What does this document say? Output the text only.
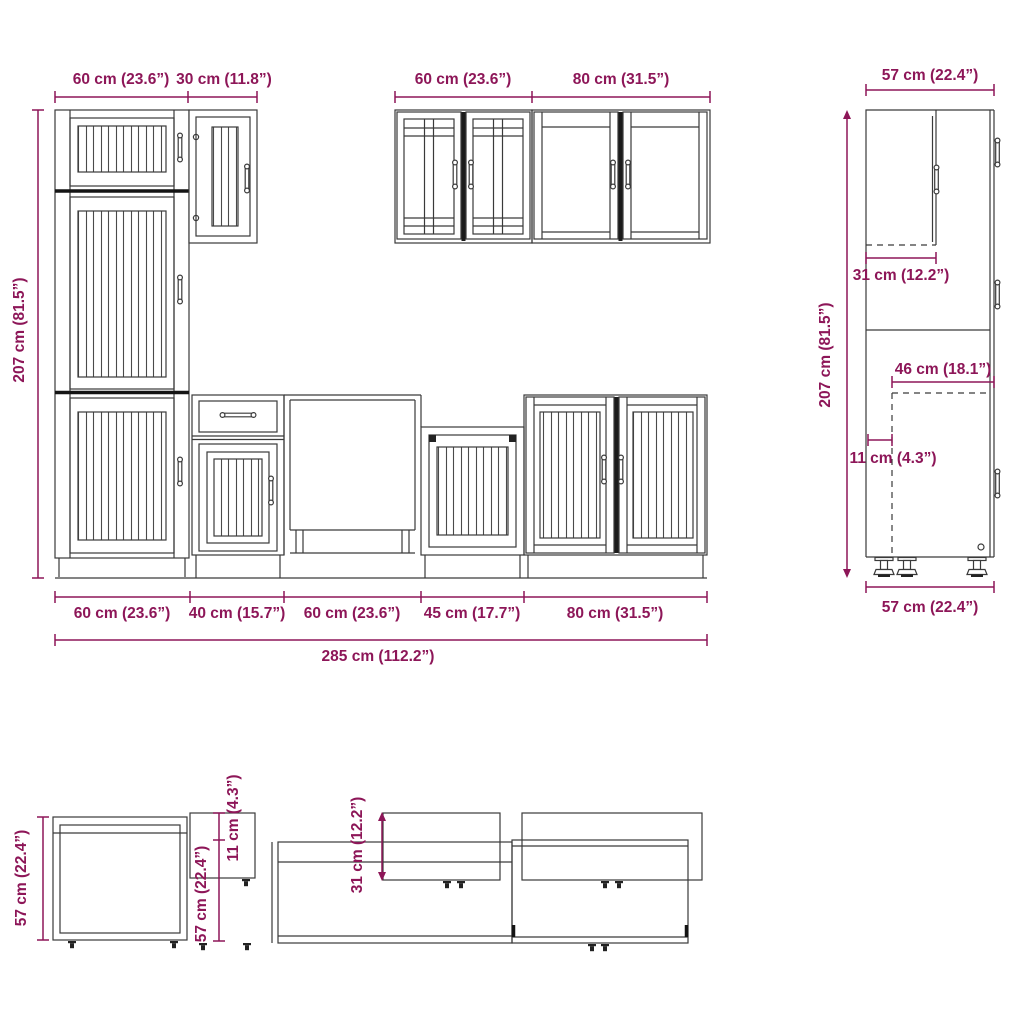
60 cm (23.6”) 30 cm (11.8”)	60 cm (23.6”)	80 cm (31.5”)
207 cm (81.5”)
60 cm (23.6”) 40 cm (15.7”) 60 cm (23.6”) 45 cm (17.7”)	80 cm (31.5”)
285 cm (112.2”)
57 cm (22.4”)
207 cm (81.5”)
31 cm (12.2”)
46 cm (18.1”)
11 cm (4.3”)
57 cm (22.4”)
57 cm (22.4”)	57 cm (22.4”)
11 cm (4.3”)	31 cm (12.2”)
